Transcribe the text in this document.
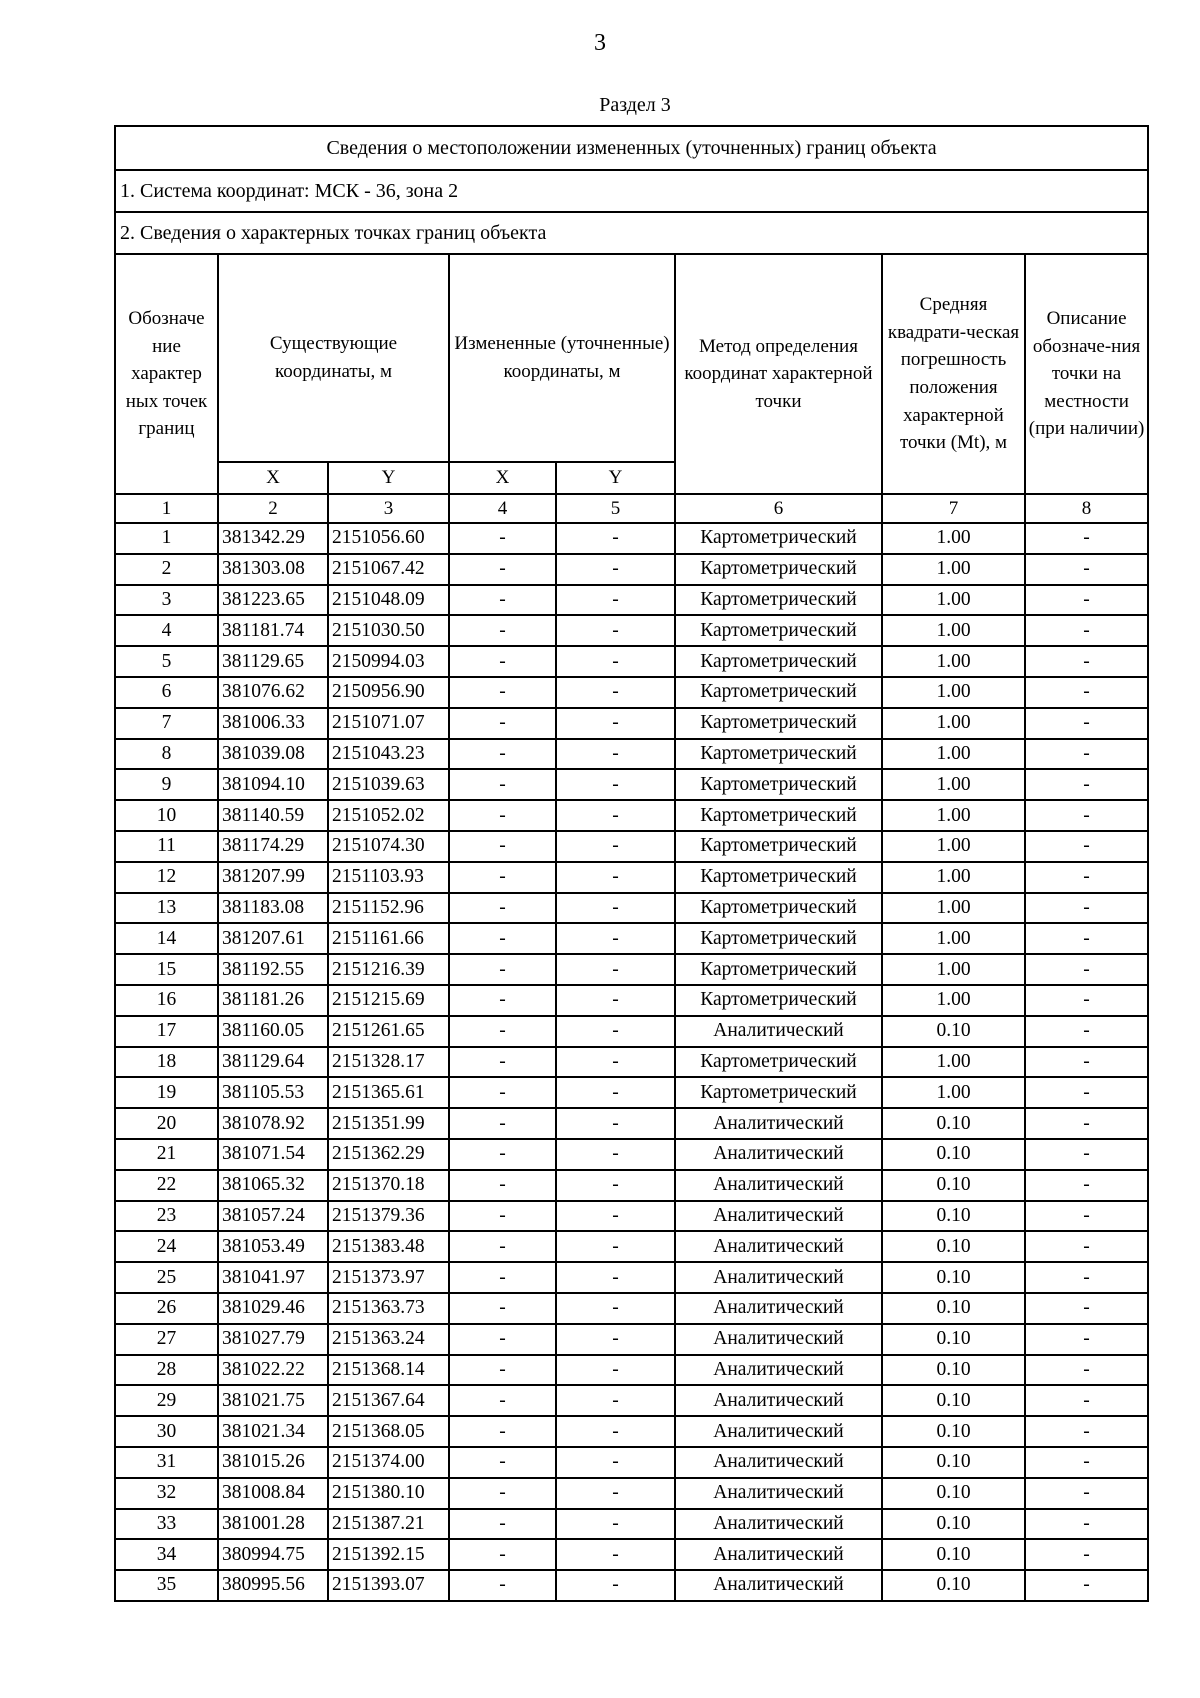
3
Раздел 3
Сведения о местоположении измененных (уточненных) границ объекта							
1. Система координат: МСК - 36, зона 2							
2. Сведения о характерных точках границ объекта							
Обозначе ние характер ных точек границ	Существующие координаты, м		Измененные (уточненные) координаты, м		Метод определения координат характерной точки	Средняя квадрати-ческая погрешность положения характерной точки (Mt), м	Описание обозначе-ния точки на местности (при наличии)
	X	Y	X	Y			
1	2	3	4	5	6	7	8
1	381342.29	2151056.60	-	-	Картометрический	1.00	-
2	381303.08	2151067.42	-	-	Картометрический	1.00	-
3	381223.65	2151048.09	-	-	Картометрический	1.00	-
4	381181.74	2151030.50	-	-	Картометрический	1.00	-
5	381129.65	2150994.03	-	-	Картометрический	1.00	-
6	381076.62	2150956.90	-	-	Картометрический	1.00	-
7	381006.33	2151071.07	-	-	Картометрический	1.00	-
8	381039.08	2151043.23	-	-	Картометрический	1.00	-
9	381094.10	2151039.63	-	-	Картометрический	1.00	-
10	381140.59	2151052.02	-	-	Картометрический	1.00	-
11	381174.29	2151074.30	-	-	Картометрический	1.00	-
12	381207.99	2151103.93	-	-	Картометрический	1.00	-
13	381183.08	2151152.96	-	-	Картометрический	1.00	-
14	381207.61	2151161.66	-	-	Картометрический	1.00	-
15	381192.55	2151216.39	-	-	Картометрический	1.00	-
16	381181.26	2151215.69	-	-	Картометрический	1.00	-
17	381160.05	2151261.65	-	-	Аналитический	0.10	-
18	381129.64	2151328.17	-	-	Картометрический	1.00	-
19	381105.53	2151365.61	-	-	Картометрический	1.00	-
20	381078.92	2151351.99	-	-	Аналитический	0.10	-
21	381071.54	2151362.29	-	-	Аналитический	0.10	-
22	381065.32	2151370.18	-	-	Аналитический	0.10	-
23	381057.24	2151379.36	-	-	Аналитический	0.10	-
24	381053.49	2151383.48	-	-	Аналитический	0.10	-
25	381041.97	2151373.97	-	-	Аналитический	0.10	-
26	381029.46	2151363.73	-	-	Аналитический	0.10	-
27	381027.79	2151363.24	-	-	Аналитический	0.10	-
28	381022.22	2151368.14	-	-	Аналитический	0.10	-
29	381021.75	2151367.64	-	-	Аналитический	0.10	-
30	381021.34	2151368.05	-	-	Аналитический	0.10	-
31	381015.26	2151374.00	-	-	Аналитический	0.10	-
32	381008.84	2151380.10	-	-	Аналитический	0.10	-
33	381001.28	2151387.21	-	-	Аналитический	0.10	-
34	380994.75	2151392.15	-	-	Аналитический	0.10	-
35	380995.56	2151393.07	-	-	Аналитический	0.10	-
